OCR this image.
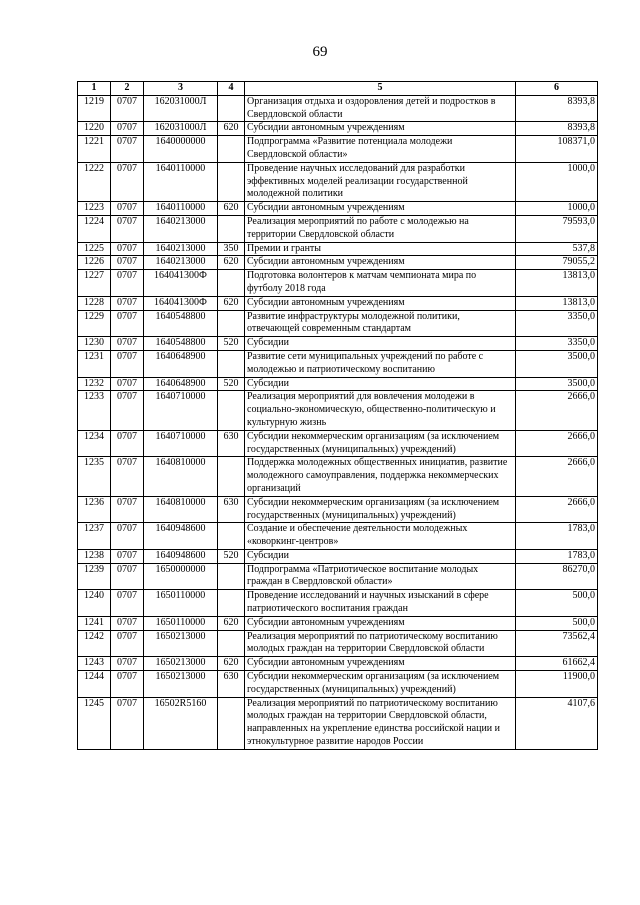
69
1	2	3	4	5	6
1219	0707	162031000Л		Организация отдыха и оздоровления детей и подростков в Свердловской области	8393,8
1220	0707	162031000Л	620	Субсидии автономным учреждениям	8393,8
1221	0707	1640000000		Подпрограмма «Развитие потенциала молодежи Свердловской области»	108371,0
1222	0707	1640110000		Проведение научных исследований для разработки эффективных моделей реализации государственной молодежной политики	1000,0
1223	0707	1640110000	620	Субсидии автономным учреждениям	1000,0
1224	0707	1640213000		Реализация мероприятий по работе с молодежью на территории Свердловской области	79593,0
1225	0707	1640213000	350	Премии и гранты	537,8
1226	0707	1640213000	620	Субсидии автономным учреждениям	79055,2
1227	0707	164041300Ф		Подготовка волонтеров к матчам чемпионата мира по футболу 2018 года	13813,0
1228	0707	164041300Ф	620	Субсидии автономным учреждениям	13813,0
1229	0707	1640548800		Развитие инфраструктуры молодежной политики, отвечающей современным стандартам	3350,0
1230	0707	1640548800	520	Субсидии	3350,0
1231	0707	1640648900		Развитие сети муниципальных учреждений по работе с молодежью и патриотическому воспитанию	3500,0
1232	0707	1640648900	520	Субсидии	3500,0
1233	0707	1640710000		Реализация мероприятий для вовлечения молодежи в социально-экономическую, общественно-политическую и культурную жизнь	2666,0
1234	0707	1640710000	630	Субсидии некоммерческим организациям (за исключением государственных (муниципальных) учреждений)	2666,0
1235	0707	1640810000		Поддержка молодежных общественных инициатив, развитие молодежного самоуправления, поддержка некоммерческих организаций	2666,0
1236	0707	1640810000	630	Субсидии некоммерческим организациям (за исключением государственных (муниципальных) учреждений)	2666,0
1237	0707	1640948600		Создание и обеспечение деятельности молодежных «коворкинг-центров»	1783,0
1238	0707	1640948600	520	Субсидии	1783,0
1239	0707	1650000000		Подпрограмма «Патриотическое воспитание молодых граждан в Свердловской области»	86270,0
1240	0707	1650110000		Проведение исследований и научных изысканий в сфере патриотического воспитания граждан	500,0
1241	0707	1650110000	620	Субсидии автономным учреждениям	500,0
1242	0707	1650213000		Реализация мероприятий по патриотическому воспитанию молодых граждан на территории Свердловской области	73562,4
1243	0707	1650213000	620	Субсидии автономным учреждениям	61662,4
1244	0707	1650213000	630	Субсидии некоммерческим организациям (за исключением государственных (муниципальных) учреждений)	11900,0
1245	0707	16502R5160		Реализация мероприятий по патриотическому воспитанию молодых граждан на территории Свердловской области, направленных на укрепление единства российской нации и этнокультурное развитие народов России	4107,6
